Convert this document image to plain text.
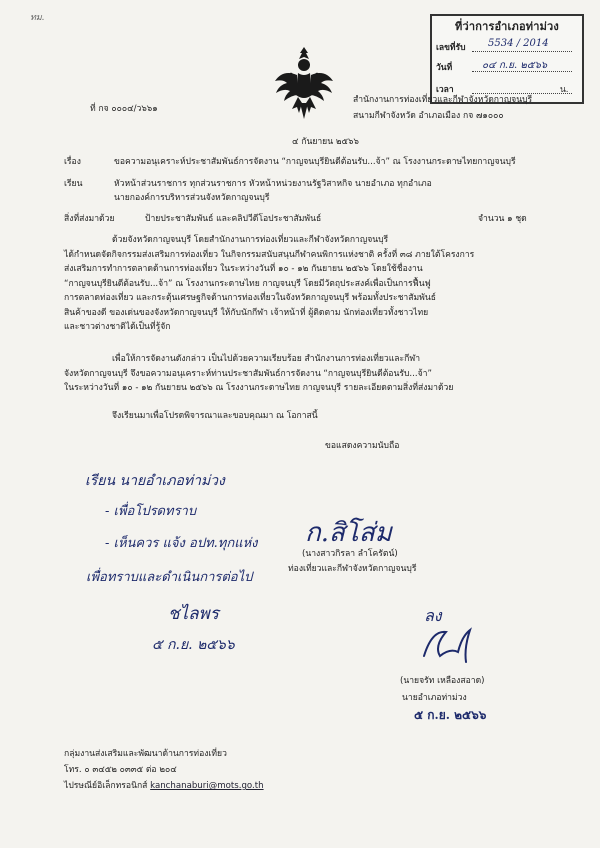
ทม.
ที่ว่าการอำเภอท่าม่วง
เลขที่รับ 5534 / 2014
วันที่	๐๔ ก.ย. ๒๕๖๖
เวลา	น.
ที่ กจ ๐๐๐๔/ว๖๖๑
สำนักงานการท่องเที่ยวและกีฬาจังหวัดกาญจนบุรี
สนามกีฬาจังหวัด อำเภอเมือง กจ ๗๑๐๐๐
๔ กันยายน ๒๕๖๖
เรื่อง	ขอความอนุเคราะห์ประชาสัมพันธ์การจัดงาน “กาญจนบุรียินดีต้อนรับ...จ้า” ณ โรงงานกระดาษไทยกาญจนบุรี
เรียน	หัวหน้าส่วนราชการ ทุกส่วนราชการ หัวหน้าหน่วยงานรัฐวิสาหกิจ นายอำเภอ ทุกอำเภอ
นายกองค์การบริหารส่วนจังหวัดกาญจนบุรี
สิ่งที่ส่งมาด้วย	ป้ายประชาสัมพันธ์ และคลิปวีดีโอประชาสัมพันธ์	จำนวน ๑ ชุด
ด้วยจังหวัดกาญจนบุรี โดยสำนักงานการท่องเที่ยวและกีฬาจังหวัดกาญจนบุรี
ได้กำหนดจัดกิจกรรมส่งเสริมการท่องเที่ยว ในกิจกรรมสนับสนุนกีฬาคนพิการแห่งชาติ ครั้งที่ ๓๘ ภายใต้โครงการ
ส่งเสริมการทำการตลาดด้านการท่องเที่ยว ในระหว่างวันที่ ๑๐ - ๑๒ กันยายน ๒๕๖๖ โดยใช้ชื่องาน
“กาญจนบุรียินดีต้อนรับ...จ้า” ณ โรงงานกระดาษไทย กาญจนบุรี โดยมีวัตถุประสงค์เพื่อเป็นการฟื้นฟู
การตลาดท่องเที่ยว และกระตุ้นเศรษฐกิจด้านการท่องเที่ยวในจังหวัดกาญจนบุรี พร้อมทั้งประชาสัมพันธ์
สินค้าของดี ของเด่นของจังหวัดกาญจนบุรี ให้กับนักกีฬา เจ้าหน้าที่ ผู้ติดตาม นักท่องเที่ยวทั้งชาวไทย
และชาวต่างชาติได้เป็นที่รู้จัก
เพื่อให้การจัดงานดังกล่าว เป็นไปด้วยความเรียบร้อย สำนักงานการท่องเที่ยวและกีฬา
จังหวัดกาญจนบุรี จึงขอความอนุเคราะห์ท่านประชาสัมพันธ์การจัดงาน “กาญจนบุรียินดีต้อนรับ...จ้า”
ในระหว่างวันที่ ๑๐ - ๑๒ กันยายน ๒๕๖๖ ณ โรงงานกระดาษไทย กาญจนบุรี รายละเอียดตามสิ่งที่ส่งมาด้วย
จึงเรียนมาเพื่อโปรดพิจารณาและขอบคุณมา ณ โอกาสนี้
ขอแสดงความนับถือ
ก.สิโส่ม
(นางสาวกิรลา ลำโครัตน์)
ท่องเที่ยวและกีฬาจังหวัดกาญจนบุรี
เรียน นายอำเภอท่าม่วง
- เพื่อโปรดทราบ
- เห็นควร แจ้ง อปท.ทุกแห่ง
เพื่อทราบและดำเนินการต่อไป
ชไลพร
๕ ก.ย. ๒๕๖๖
ลง
(นายจรัท เหลืองสอาด)
นายอำเภอท่าม่วง
๕ ก.ย. ๒๕๖๖
กลุ่มงานส่งเสริมและพัฒนาด้านการท่องเที่ยว
โทร. ๐ ๓๔๕๒ ๐๓๓๕ ต่อ ๒๐๔
ไปรษณีย์อิเล็กทรอนิกส์ kanchanaburi@mots.go.th
